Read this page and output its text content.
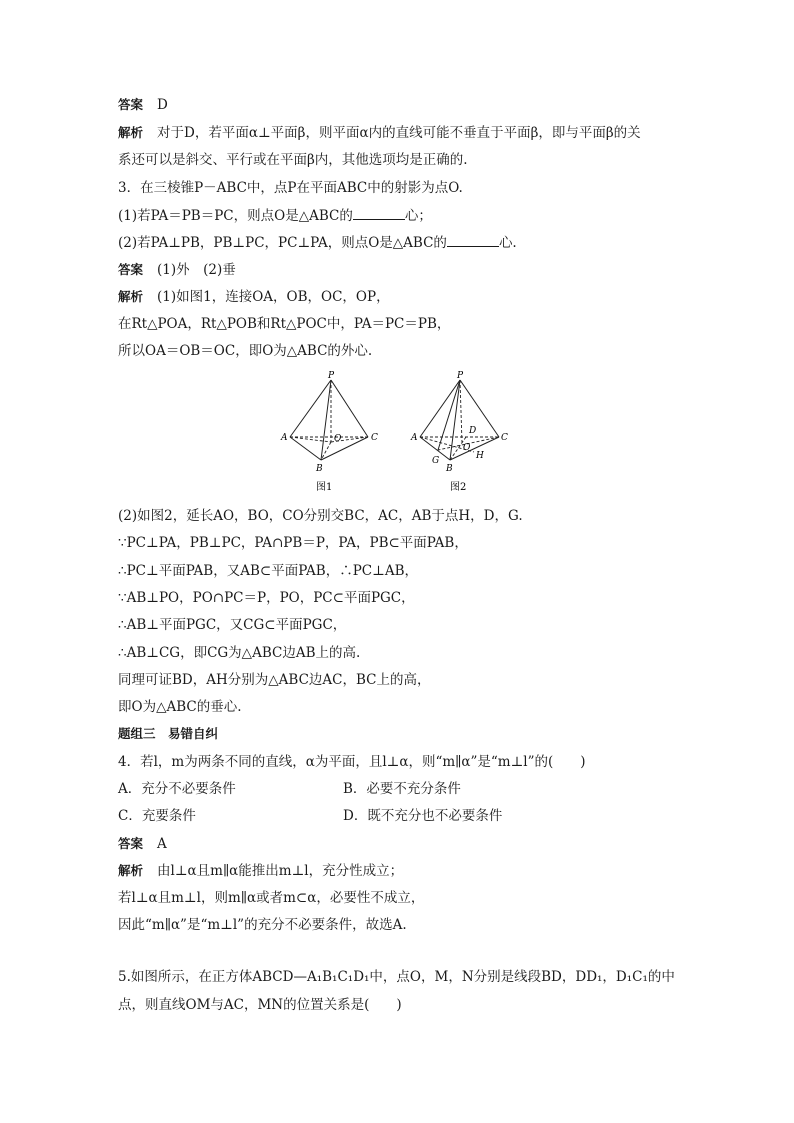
答案 D
解析 对于D，若平面α⊥平面β，则平面α内的直线可能不垂直于平面β，即与平面β的关
系还可以是斜交、平行或在平面β内，其他选项均是正确的.
3．在三棱锥P－ABC中，点P在平面ABC中的射影为点O.
(1)若PA＝PB＝PC，则点O是△ABC的	心；
(2)若PA⊥PB，PB⊥PC，PC⊥PA，则点O是△ABC的	心.
答案 (1)外　(2)垂
解析 (1)如图1，连接OA，OB，OC，OP，
在Rt△POA，Rt△POB和Rt△POC中，PA＝PC＝PB，
所以OA＝OB＝OC，即O为△ABC的外心.
P
A
B
C
O
图1
P
A
B
C
D
O
G	H
图2
(2)如图2，延长AO，BO，CO分别交BC，AC，AB于点H，D，G.
∵PC⊥PA，PB⊥PC，PA∩PB＝P，PA，PB⊂平面PAB，
∴PC⊥平面PAB，又AB⊂平面PAB，∴PC⊥AB，
∵AB⊥PO，PO∩PC＝P，PO，PC⊂平面PGC，
∴AB⊥平面PGC，又CG⊂平面PGC，
∴AB⊥CG，即CG为△ABC边AB上的高.
同理可证BD，AH分别为△ABC边AC，BC上的高，
即O为△ABC的垂心.
题组三　易错自纠
4．若l，m为两条不同的直线，α为平面，且l⊥α，则“m∥α”是“m⊥l”的(　　)
A．充分不必要条件	B．必要不充分条件
C．充要条件	D．既不充分也不必要条件
答案 A
解析 由l⊥α且m∥α能推出m⊥l，充分性成立；
若l⊥α且m⊥l，则m∥α或者m⊂α，必要性不成立，
因此“m∥α”是“m⊥l”的充分不必要条件，故选A.
5.如图所示，在正方体ABCD—A₁B₁C₁D₁中，点O，M，N分别是线段BD，DD₁，D₁C₁的中
点，则直线OM与AC，MN的位置关系是(　　)
